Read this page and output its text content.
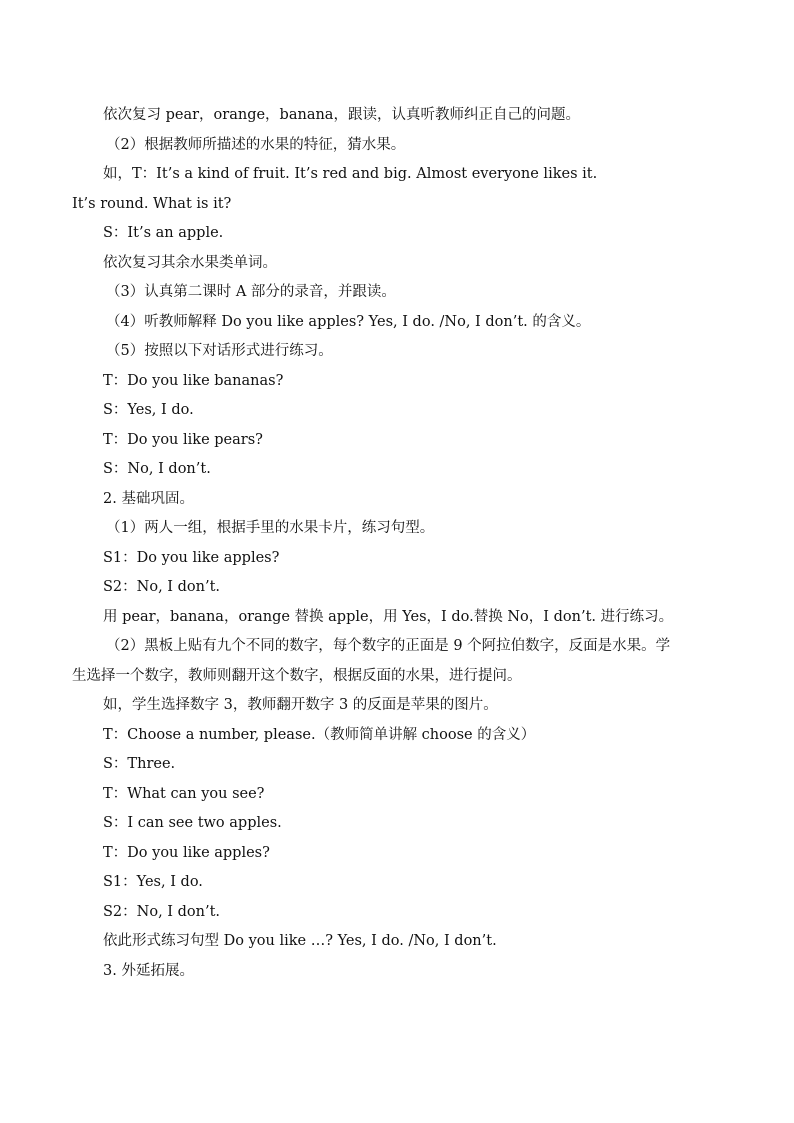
依次复习 pear，orange，banana，跟读，认真听教师纠正自己的问题。
（2）根据教师所描述的水果的特征，猜水果。
如，T：It’s a kind of fruit. It’s red and big. Almost everyone likes it.
It’s round. What is it?
S：It’s an apple.
依次复习其余水果类单词。
（3）认真第二课时 A 部分的录音，并跟读。
（4）听教师解释 Do you like apples? Yes, I do. /No, I don’t. 的含义。
（5）按照以下对话形式进行练习。
T：Do you like bananas?
S：Yes, I do.
T：Do you like pears?
S：No, I don’t.
2. 基础巩固。
（1）两人一组，根据手里的水果卡片，练习句型。
S1：Do you like apples?
S2：No, I don’t.
用 pear，banana，orange 替换 apple，用 Yes，I do.替换 No，I don’t. 进行练习。
（2）黑板上贴有九个不同的数字，每个数字的正面是 9 个阿拉伯数字，反面是水果。学
生选择一个数字，教师则翻开这个数字，根据反面的水果，进行提问。
如，学生选择数字 3，教师翻开数字 3 的反面是苹果的图片。
T：Choose a number, please.（教师简单讲解 choose 的含义）
S：Three.
T：What can you see?
S：I can see two apples.
T：Do you like apples?
S1：Yes, I do.
S2：No, I don’t.
依此形式练习句型 Do you like …? Yes, I do. /No, I don’t.
3. 外延拓展。
